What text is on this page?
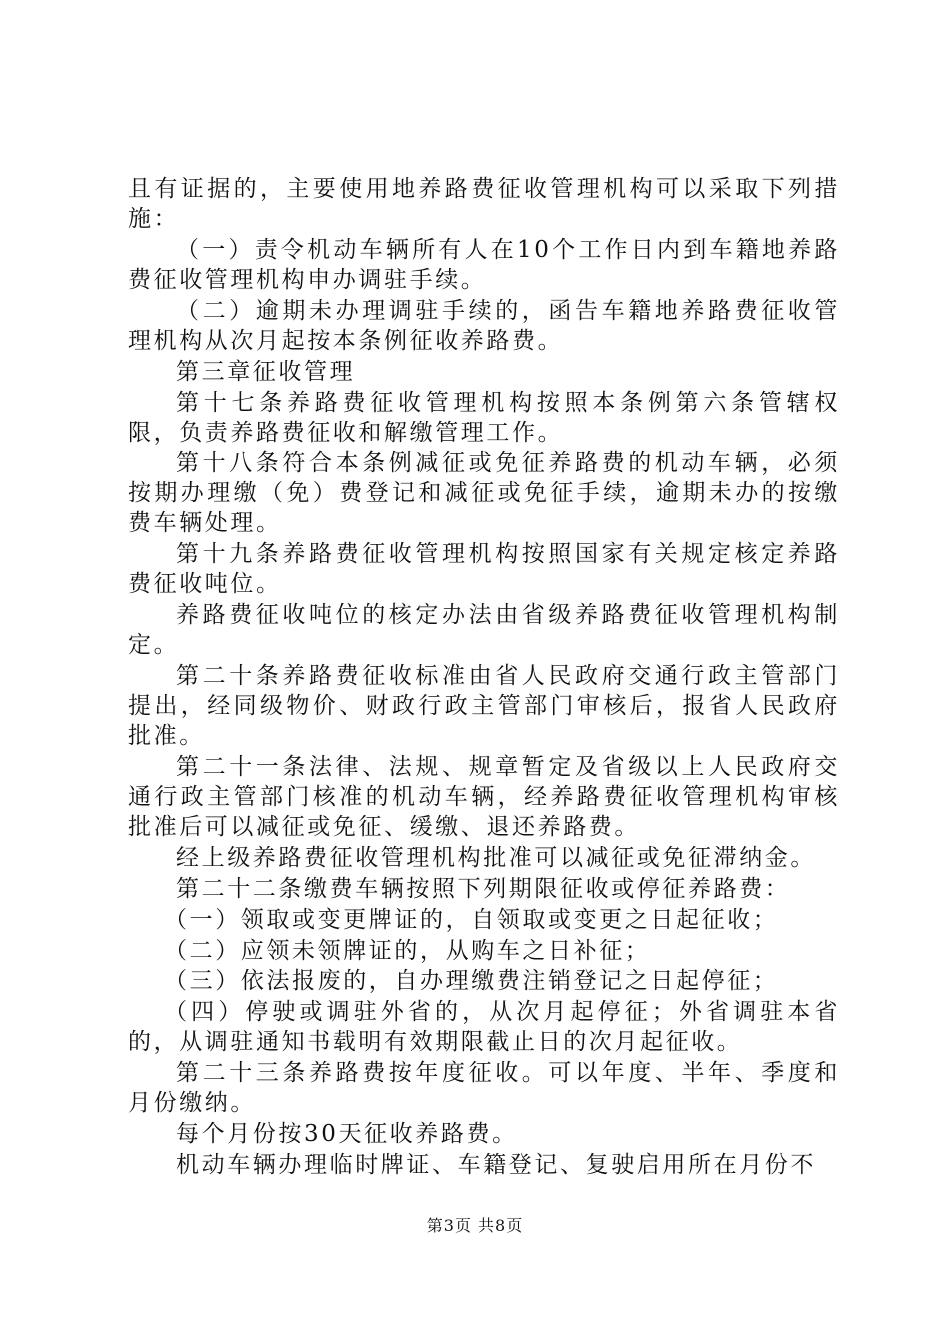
且有证据的，主要使用地养路费征收管理机构可以采取下列措施：

（一）责令机动车辆所有人在10个工作日内到车籍地养路费征收管理机构申办调驻手续。

（二）逾期未办理调驻手续的，函告车籍地养路费征收管理机构从次月起按本条例征收养路费。

第三章征收管理

第十七条养路费征收管理机构按照本条例第六条管辖权限，负责养路费征收和解缴管理工作。

第十八条符合本条例减征或免征养路费的机动车辆，必须按期办理缴（免）费登记和减征或免征手续，逾期未办的按缴费车辆处理。

第十九条养路费征收管理机构按照国家有关规定核定养路费征收吨位。

养路费征收吨位的核定办法由省级养路费征收管理机构制定。

第二十条养路费征收标准由省人民政府交通行政主管部门提出，经同级物价、财政行政主管部门审核后，报省人民政府批准。

第二十一条法律、法规、规章暂定及省级以上人民政府交通行政主管部门核准的机动车辆，经养路费征收管理机构审核批准后可以减征或免征、缓缴、退还养路费。

经上级养路费征收管理机构批准可以减征或免征滞纳金。

第二十二条缴费车辆按照下列期限征收或停征养路费：

（一）领取或变更牌证的，自领取或变更之日起征收；

（二）应领未领牌证的，从购车之日补征；

（三）依法报废的，自办理缴费注销登记之日起停征；

（四）停驶或调驻外省的，从次月起停征；外省调驻本省的，从调驻通知书载明有效期限截止日的次月起征收。

第二十三条养路费按年度征收。可以年度、半年、季度和月份缴纳。

每个月份按30天征收养路费。

机动车辆办理临时牌证、车籍登记、复驶启用所在月份不

第3页 共8页
